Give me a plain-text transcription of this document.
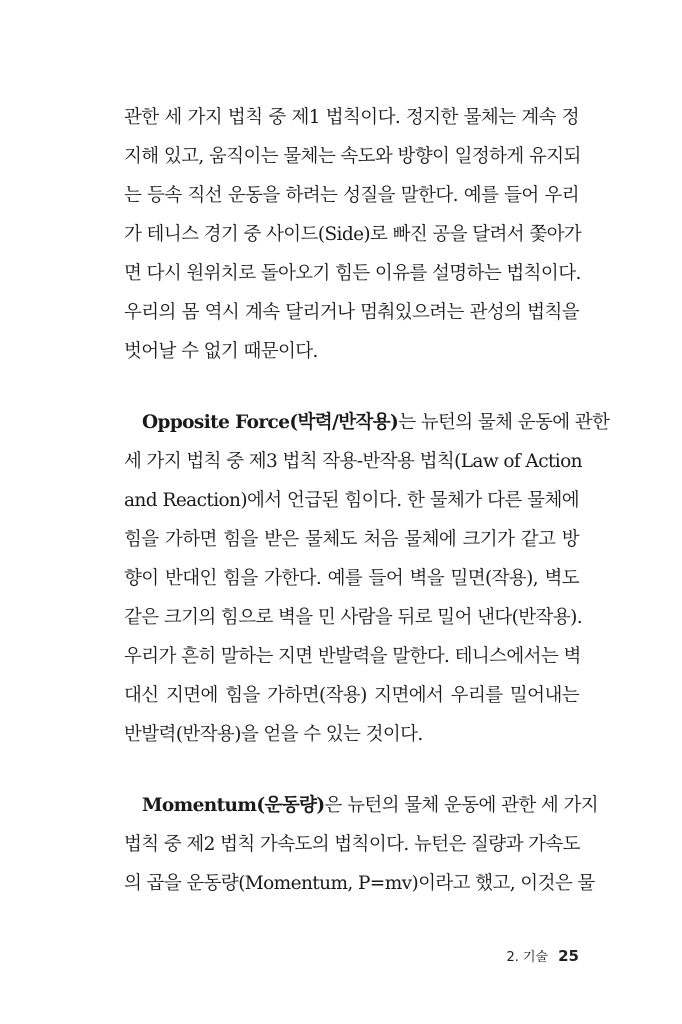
관한 세 가지 법칙 중 제1 법칙이다. 정지한 물체는 계속 정
지해 있고, 움직이는 물체는 속도와 방향이 일정하게 유지되
는 등속 직선 운동을 하려는 성질을 말한다. 예를 들어 우리
가 테니스 경기 중 사이드(Side)로 빠진 공을 달려서 쫓아가
면 다시 원위치로 돌아오기 힘든 이유를 설명하는 법칙이다.
우리의 몸 역시 계속 달리거나 멈춰있으려는 관성의 법칙을
벗어날 수 없기 때문이다.
Opposite Force(박력/반작용)는 뉴턴의 물체 운동에 관한
세 가지 법칙 중 제3 법칙 작용-반작용 법칙(Law of Action
and Reaction)에서 언급된 힘이다. 한 물체가 다른 물체에
힘을 가하면 힘을 받은 물체도 처음 물체에 크기가 같고 방
향이 반대인 힘을 가한다. 예를 들어 벽을 밀면(작용), 벽도
같은 크기의 힘으로 벽을 민 사람을 뒤로 밀어 낸다(반작용).
우리가 흔히 말하는 지면 반발력을 말한다. 테니스에서는 벽
대신 지면에 힘을 가하면(작용) 지면에서 우리를 밀어내는
반발력(반작용)을 얻을 수 있는 것이다.
Momentum(운동량)은 뉴턴의 물체 운동에 관한 세 가지
법칙 중 제2 법칙 가속도의 법칙이다. 뉴턴은 질량과 가속도
의 곱을 운동량(Momentum, P=mv)이라고 했고, 이것은 물
2. 기술 25
